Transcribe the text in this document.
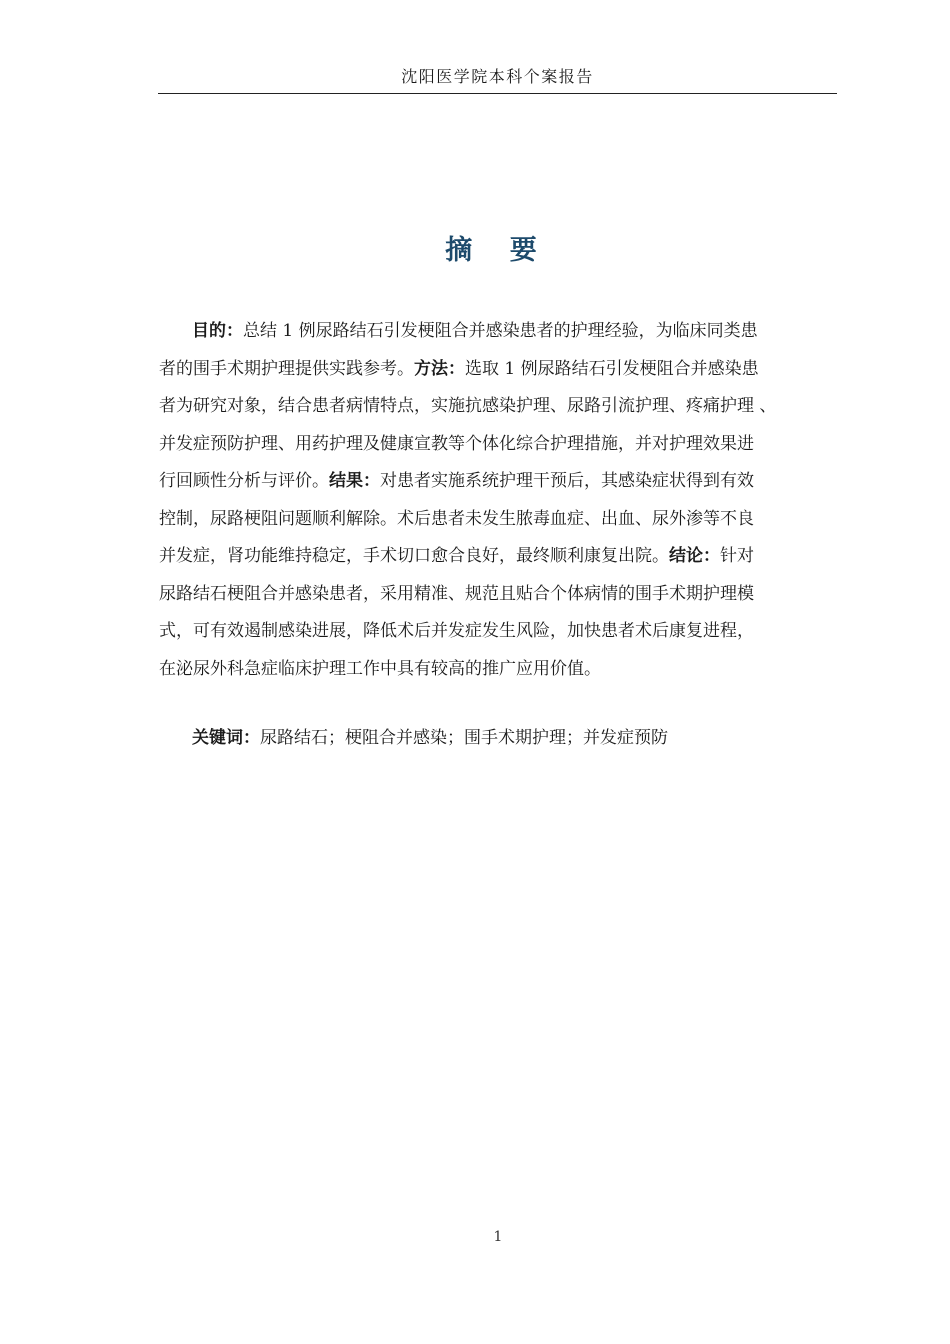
沈阳医学院本科个案报告
摘 要

目的：总结 1 例尿路结石引发梗阻合并感染患者的护理经验，为临床同类患
者的围手术期护理提供实践参考。方法：选取 1 例尿路结石引发梗阻合并感染患
者为研究对象，结合患者病情特点，实施抗感染护理、尿路引流护理、疼痛护理 、
并发症预防护理、用药护理及健康宣教等个体化综合护理措施，并对护理效果进
行回顾性分析与评价。结果：对患者实施系统护理干预后，其感染症状得到有效
控制，尿路梗阻问题顺利解除。术后患者未发生脓毒血症、出血、尿外渗等不良
并发症，肾功能维持稳定，手术切口愈合良好，最终顺利康复出院。结论：针对
尿路结石梗阻合并感染患者，采用精准、规范且贴合个体病情的围手术期护理模
式，可有效遏制感染进展，降低术后并发症发生风险，加快患者术后康复进程，
在泌尿外科急症临床护理工作中具有较高的推广应用价值。

关键词：尿路结石；梗阻合并感染；围手术期护理；并发症预防
1
